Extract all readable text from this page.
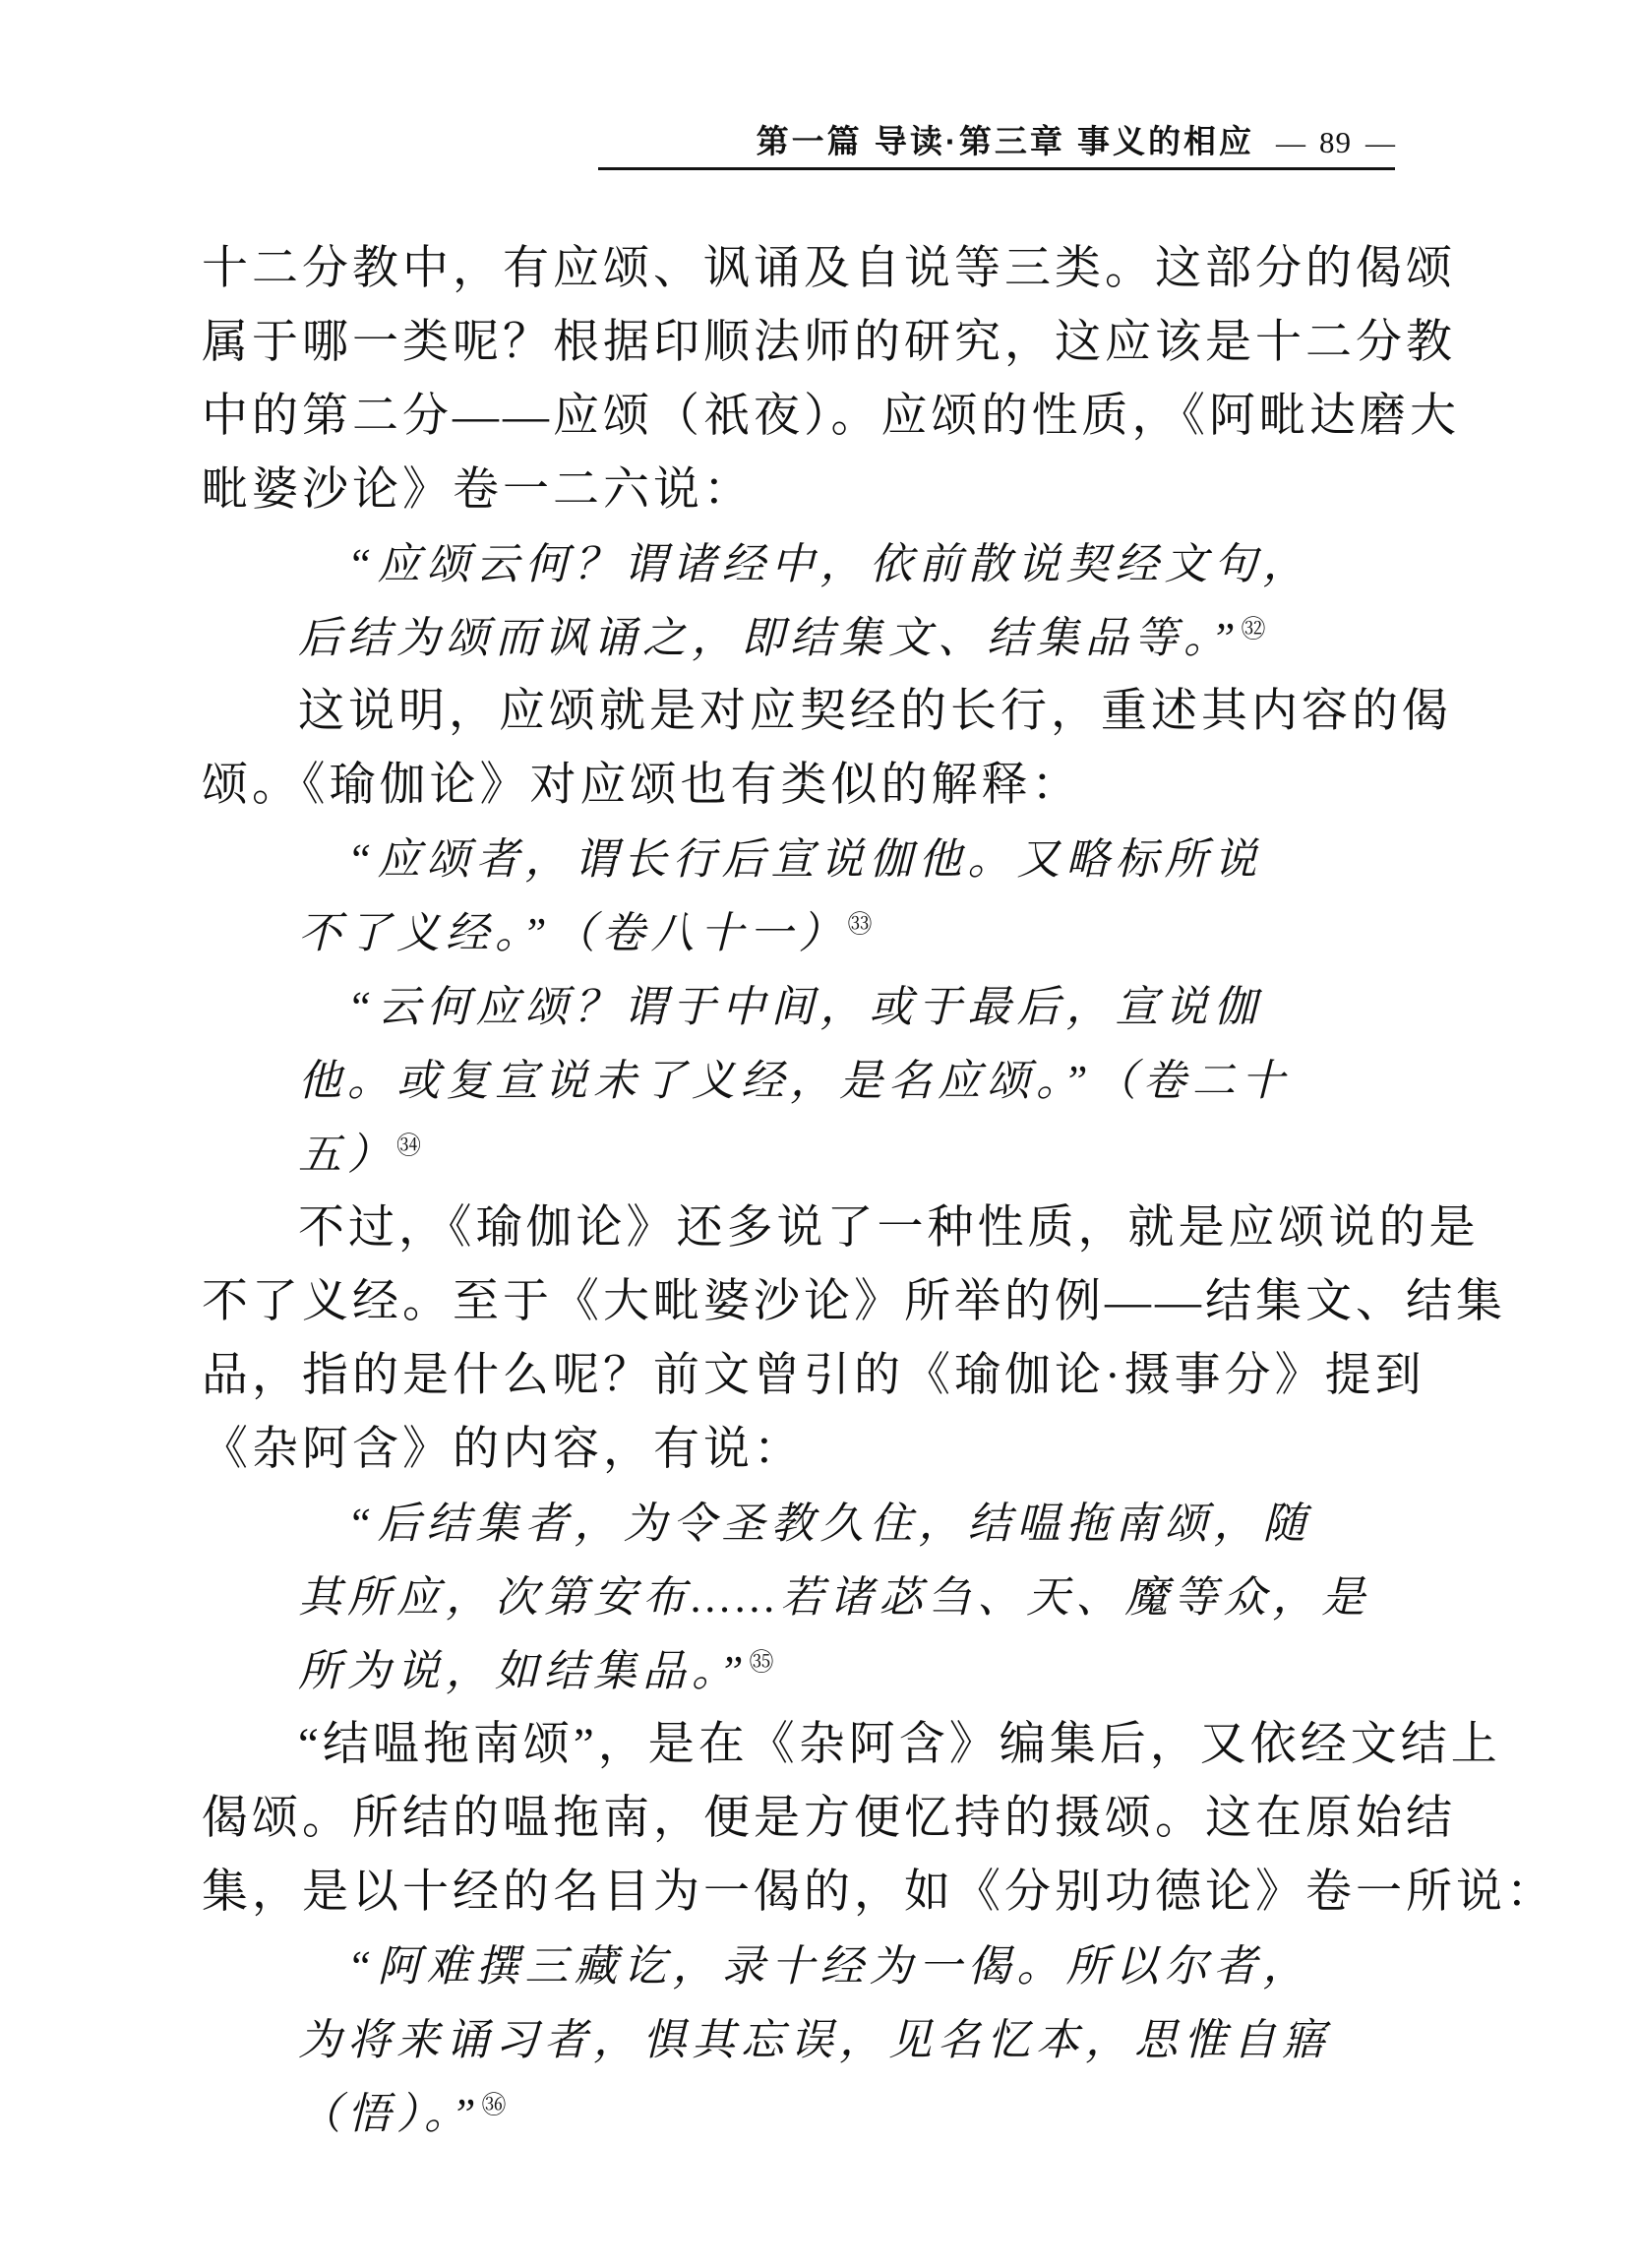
第一篇 导读·第三章 事义的相应 — 89 —
十二分教中，有应颂、讽诵及自说等三类。这部分的偈颂
属于哪一类呢？根据印顺法师的研究，这应该是十二分教
中的第二分——应颂（祇夜）。应颂的性质，《阿毗达磨大
毗婆沙论》卷一二六说：
“应颂云何？谓诸经中，依前散说契经文句，
后结为颂而讽诵之，即结集文、结集品等。”$^㉜$
这说明，应颂就是对应契经的长行，重述其内容的偈
颂。《瑜伽论》对应颂也有类似的解释：
“应颂者，谓长行后宣说伽他。又略标所说
不了义经。”（卷八十一）$^㉝$
“云何应颂？谓于中间，或于最后，宣说伽
他。或复宣说未了义经，是名应颂。”（卷二十
五）$^㉞$
不过，《瑜伽论》还多说了一种性质，就是应颂说的是
不了义经。至于《大毗婆沙论》所举的例——结集文、结集
品，指的是什么呢？前文曾引的《瑜伽论·摄事分》提到
《杂阿含》的内容，有说：
“后结集者，为令圣教久住，结嗢拖南颂，随
其所应，次第安布……若诸苾刍、天、魔等众，是
所为说，如结集品。”$^㉟$
“结嗢拖南颂”，是在《杂阿含》编集后，又依经文结上
偈颂。所结的嗢拖南，便是方便忆持的摄颂。这在原始结
集，是以十经的名目为一偈的，如《分别功德论》卷一所说：
“阿难撰三藏讫，录十经为一偈。所以尔者，
为将来诵习者，惧其忘误，见名忆本，思惟自寤
（悟）。”$^㊱$
